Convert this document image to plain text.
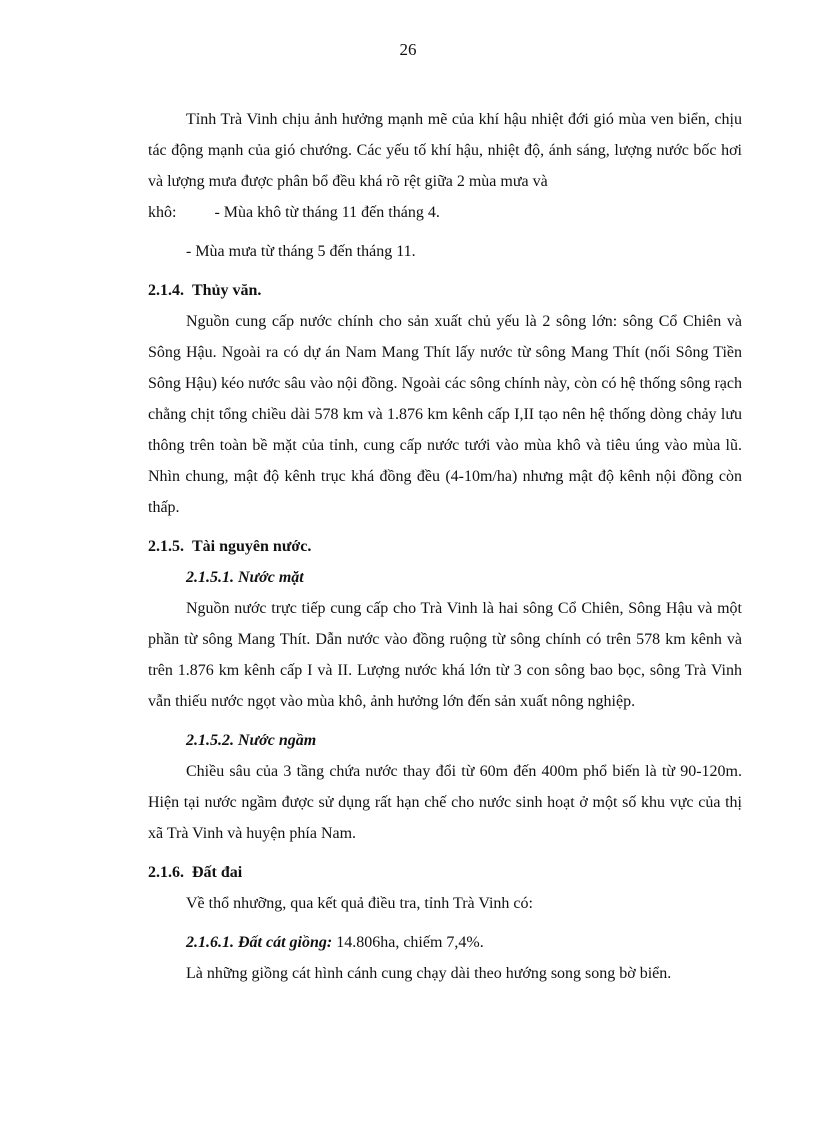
26

Tỉnh Trà Vinh chịu ảnh hưởng mạnh mẽ của khí hậu nhiệt đới gió mùa ven biển, chịu tác động mạnh của gió chướng. Các yếu tố khí hậu, nhiệt độ, ánh sáng, lượng nước bốc hơi và lượng mưa được phân bổ đều khá rõ rệt giữa 2 mùa mưa và

khô: - Mùa khô từ tháng 11 đến tháng 4.

- Mùa mưa từ tháng 5 đến tháng 11.

2.1.4. Thủy văn.

Nguồn cung cấp nước chính cho sản xuất chủ yếu là 2 sông lớn: sông Cổ Chiên và Sông Hậu. Ngoài ra có dự án Nam Mang Thít lấy nước từ sông Mang Thít (nối Sông Tiền Sông Hậu) kéo nước sâu vào nội đồng. Ngoài các sông chính này, còn có hệ thống sông rạch chằng chịt tổng chiều dài 578 km và 1.876 km kênh cấp I,II tạo nên hệ thống dòng chảy lưu thông trên toàn bề mặt của tỉnh, cung cấp nước tưới vào mùa khô và tiêu úng vào mùa lũ. Nhìn chung, mật độ kênh trục khá đồng đều (4-10m/ha) nhưng mật độ kênh nội đồng còn thấp.

2.1.5. Tài nguyên nước.
2.1.5.1. Nước mặt

Nguồn nước trực tiếp cung cấp cho Trà Vinh là hai sông Cổ Chiên, Sông Hậu và một phần từ sông Mang Thít. Dẫn nước vào đồng ruộng từ sông chính có trên 578 km kênh và trên 1.876 km kênh cấp I và II. Lượng nước khá lớn từ 3 con sông bao bọc, sông Trà Vinh vẫn thiếu nước ngọt vào mùa khô, ảnh hưởng lớn đến sản xuất nông nghiệp.

2.1.5.2. Nước ngầm

Chiều sâu của 3 tầng chứa nước thay đổi từ 60m đến 400m phổ biến là từ 90-120m. Hiện tại nước ngầm được sử dụng rất hạn chế cho nước sinh hoạt ở một số khu vực của thị xã Trà Vinh và huyện phía Nam.

2.1.6. Đất đai

Về thổ nhưỡng, qua kết quả điều tra, tỉnh Trà Vinh có:

2.1.6.1. Đất cát giồng: 14.806ha, chiếm 7,4%.

Là những giồng cát hình cánh cung chạy dài theo hướng song song bờ biển.
